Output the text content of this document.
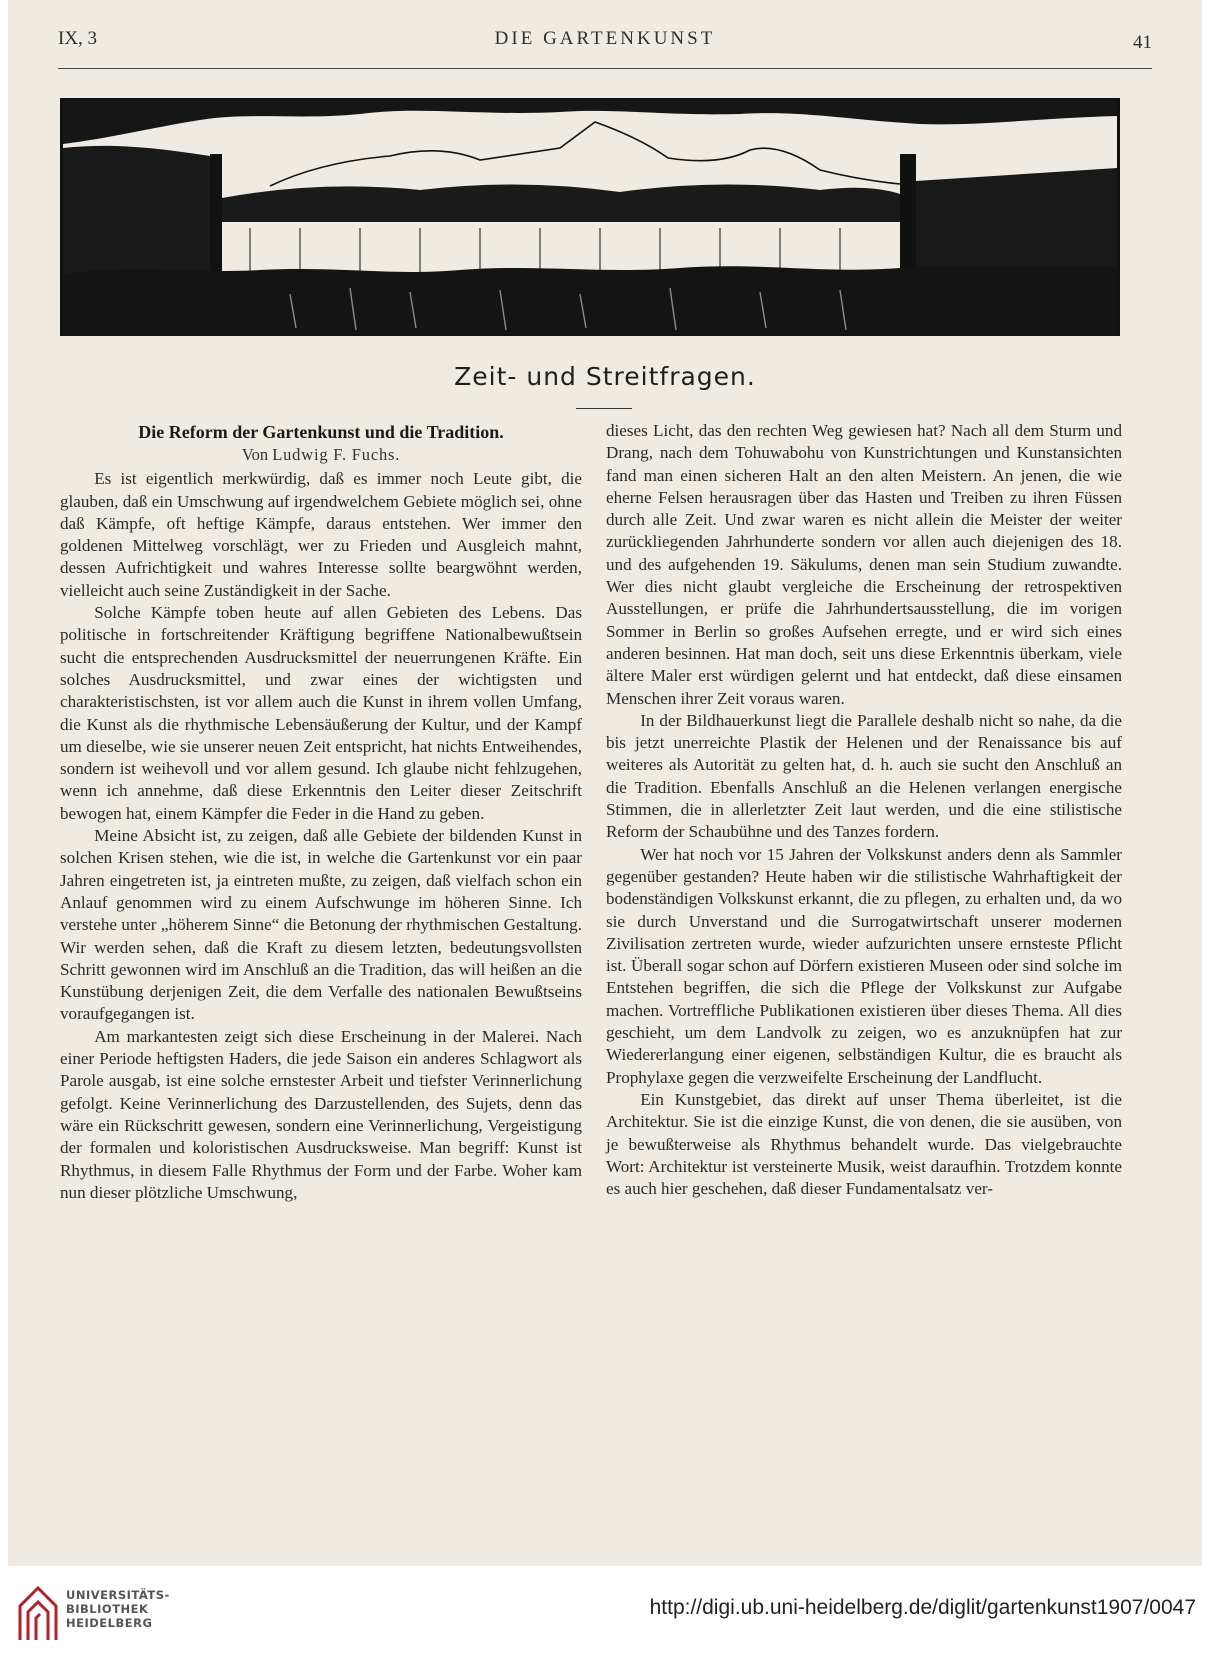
IX, 3	DIE GARTENKUNST	41
Zeit- und Streitfragen.
Die Reform der Gartenkunst und die Tradition.
Von Ludwig F. Fuchs.

Es ist eigentlich merkwürdig, daß es immer noch Leute gibt, die glauben, daß ein Umschwung auf irgendwelchem Gebiete möglich sei, ohne daß Kämpfe, oft heftige Kämpfe, daraus entstehen. Wer immer den goldenen Mittelweg vorschlägt, wer zu Frieden und Ausgleich mahnt, dessen Aufrichtigkeit und wahres Interesse sollte beargwöhnt werden, vielleicht auch seine Zuständigkeit in der Sache.

Solche Kämpfe toben heute auf allen Gebieten des Lebens. Das politische in fortschreitender Kräftigung begriffene Nationalbewußtsein sucht die entsprechenden Ausdrucksmittel der neuerrungenen Kräfte. Ein solches Ausdrucksmittel, und zwar eines der wichtigsten und charakteristischsten, ist vor allem auch die Kunst in ihrem vollen Umfang, die Kunst als die rhythmische Lebensäußerung der Kultur, und der Kampf um dieselbe, wie sie unserer neuen Zeit entspricht, hat nichts Entweihendes, sondern ist weihevoll und vor allem gesund. Ich glaube nicht fehlzugehen, wenn ich annehme, daß diese Erkenntnis den Leiter dieser Zeitschrift bewogen hat, einem Kämpfer die Feder in die Hand zu geben.

Meine Absicht ist, zu zeigen, daß alle Gebiete der bildenden Kunst in solchen Krisen stehen, wie die ist, in welche die Gartenkunst vor ein paar Jahren eingetreten ist, ja eintreten mußte, zu zeigen, daß vielfach schon ein Anlauf genommen wird zu einem Aufschwunge im höheren Sinne. Ich verstehe unter „höherem Sinne“ die Betonung der rhythmischen Gestaltung. Wir werden sehen, daß die Kraft zu diesem letzten, bedeutungsvollsten Schritt gewonnen wird im Anschluß an die Tradition, das will heißen an die Kunstübung derjenigen Zeit, die dem Verfalle des nationalen Bewußtseins voraufgegangen ist.

Am markantesten zeigt sich diese Erscheinung in der Malerei. Nach einer Periode heftigsten Haders, die jede Saison ein anderes Schlagwort als Parole ausgab, ist eine solche ernstester Arbeit und tiefster Verinnerlichung gefolgt. Keine Verinnerlichung des Darzustellenden, des Sujets, denn das wäre ein Rückschritt gewesen, sondern eine Verinnerlichung, Vergeistigung der formalen und koloristischen Ausdrucksweise. Man begriff: Kunst ist Rhythmus, in diesem Falle Rhythmus der Form und der Farbe. Woher kam nun dieser plötzliche Umschwung,

dieses Licht, das den rechten Weg gewiesen hat? Nach all dem Sturm und Drang, nach dem Tohuwabohu von Kunstrichtungen und Kunstansichten fand man einen sicheren Halt an den alten Meistern. An jenen, die wie eherne Felsen herausragen über das Hasten und Treiben zu ihren Füssen durch alle Zeit. Und zwar waren es nicht allein die Meister der weiter zurückliegenden Jahrhunderte sondern vor allen auch diejenigen des 18. und des aufgehenden 19. Säkulums, denen man sein Studium zuwandte. Wer dies nicht glaubt vergleiche die Erscheinung der retrospektiven Ausstellungen, er prüfe die Jahrhundertsausstellung, die im vorigen Sommer in Berlin so großes Aufsehen erregte, und er wird sich eines anderen besinnen. Hat man doch, seit uns diese Erkenntnis überkam, viele ältere Maler erst würdigen gelernt und hat entdeckt, daß diese einsamen Menschen ihrer Zeit voraus waren.

In der Bildhauerkunst liegt die Parallele deshalb nicht so nahe, da die bis jetzt unerreichte Plastik der Helenen und der Renaissance bis auf weiteres als Autorität zu gelten hat, d. h. auch sie sucht den Anschluß an die Tradition. Ebenfalls Anschluß an die Helenen verlangen energische Stimmen, die in allerletzter Zeit laut werden, und die eine stilistische Reform der Schaubühne und des Tanzes fordern.

Wer hat noch vor 15 Jahren der Volkskunst anders denn als Sammler gegenüber gestanden? Heute haben wir die stilistische Wahrhaftigkeit der bodenständigen Volkskunst erkannt, die zu pflegen, zu erhalten und, da wo sie durch Unverstand und die Surrogatwirtschaft unserer modernen Zivilisation zertreten wurde, wieder aufzurichten unsere ernsteste Pflicht ist. Überall sogar schon auf Dörfern existieren Museen oder sind solche im Entstehen begriffen, die sich die Pflege der Volkskunst zur Aufgabe machen. Vortreffliche Publikationen existieren über dieses Thema. All dies geschieht, um dem Landvolk zu zeigen, wo es anzuknüpfen hat zur Wiedererlangung einer eigenen, selbständigen Kultur, die es braucht als Prophylaxe gegen die verzweifelte Erscheinung der Landflucht.

Ein Kunstgebiet, das direkt auf unser Thema überleitet, ist die Architektur. Sie ist die einzige Kunst, die von denen, die sie ausüben, von je bewußterweise als Rhythmus behandelt wurde. Das vielgebrauchte Wort: Architektur ist versteinerte Musik, weist daraufhin. Trotzdem konnte es auch hier geschehen, daß dieser Fundamentalsatz ver-

UNIVERSITÄTS-
BIBLIOTHEK
HEIDELBERG
http://digi.ub.uni-heidelberg.de/diglit/gartenkunst1907/0047
